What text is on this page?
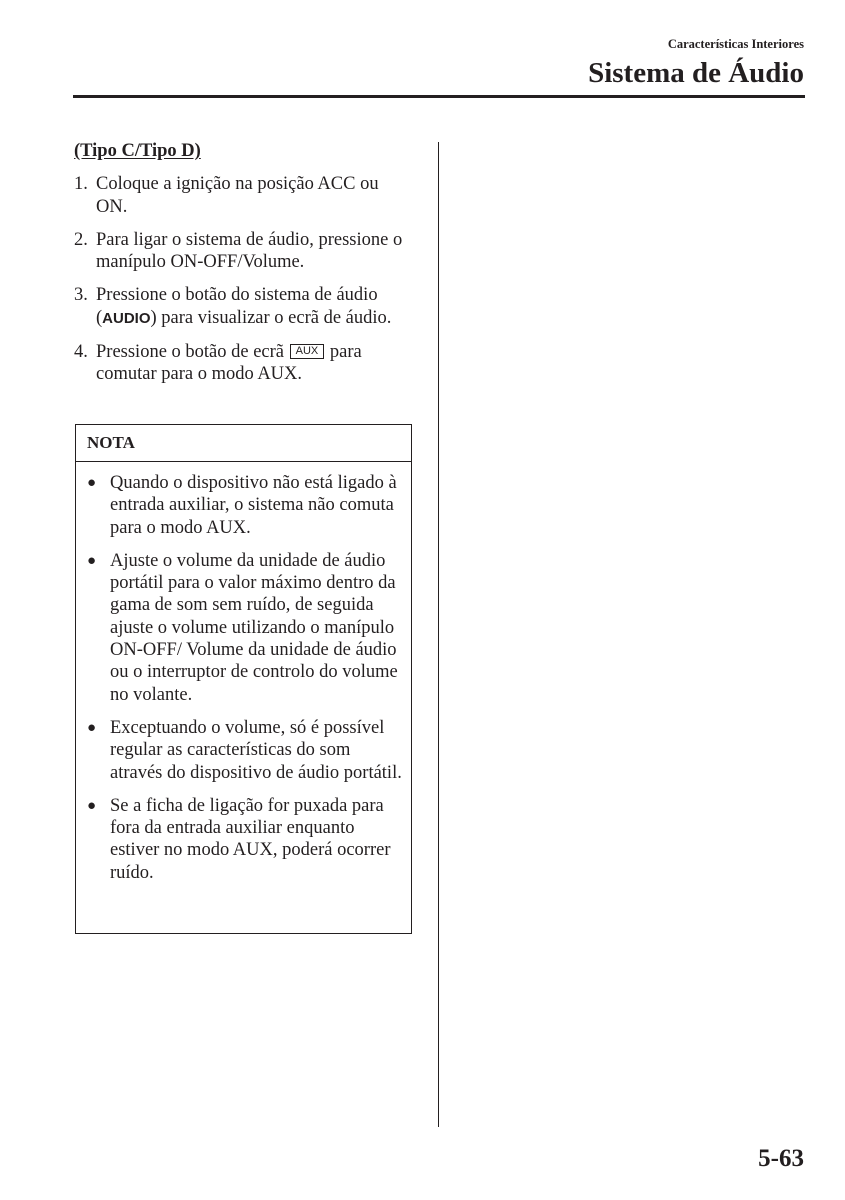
Características Interiores
Sistema de Áudio
(Tipo C/Tipo D)
1. Coloque a ignição na posição ACC ou ON.
2. Para ligar o sistema de áudio, pressione o manípulo ON-OFF/Volume.
3. Pressione o botão do sistema de áudio (AUDIO) para visualizar o ecrã de áudio.
4. Pressione o botão de ecrã AUX para comutar para o modo AUX.
NOTA
● Quando o dispositivo não está ligado à entrada auxiliar, o sistema não comuta para o modo AUX.
● Ajuste o volume da unidade de áudio portátil para o valor máximo dentro da gama de som sem ruído, de seguida ajuste o volume utilizando o manípulo ON-OFF/ Volume da unidade de áudio ou o interruptor de controlo do volume no volante.
● Exceptuando o volume, só é possível regular as características do som através do dispositivo de áudio portátil.
● Se a ficha de ligação for puxada para fora da entrada auxiliar enquanto estiver no modo AUX, poderá ocorrer ruído.
5-63
